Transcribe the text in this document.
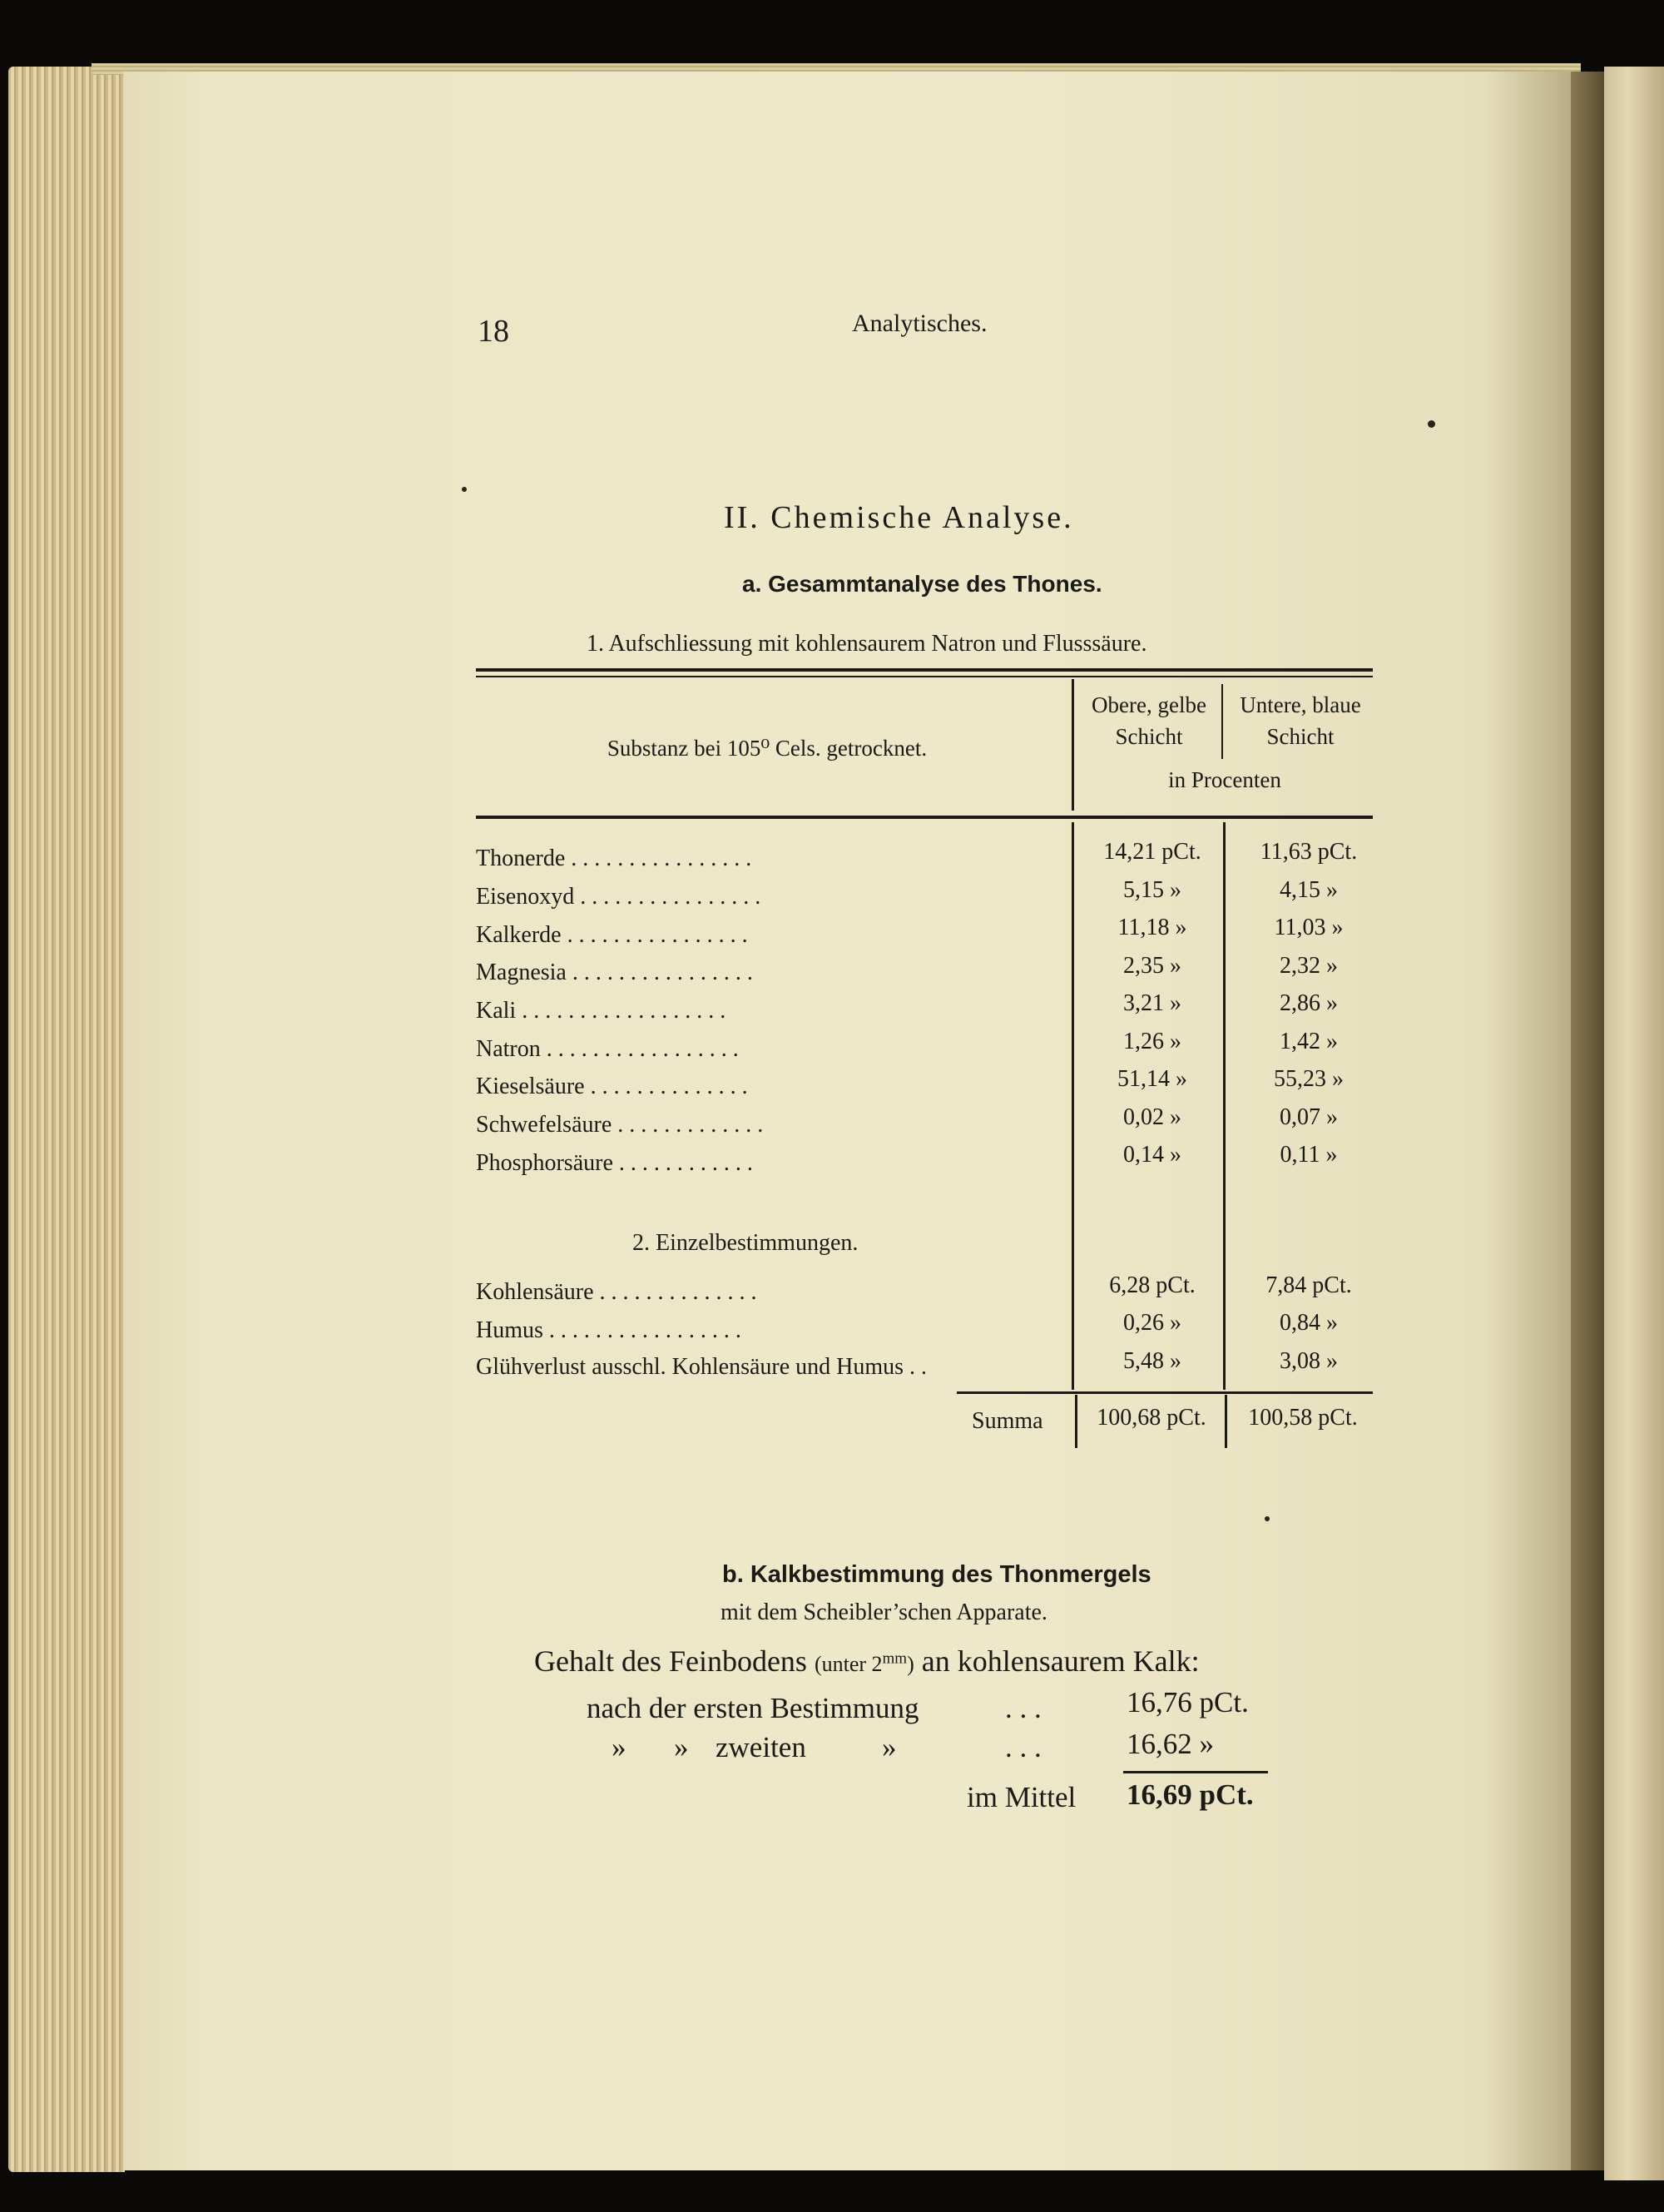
18	Analytisches.
II. Chemische Analyse.
a. Gesammtanalyse des Thones.
1. Aufschliessung mit kohlensaurem Natron und Flusssäure.
Substanz bei 105⁰ Cels. getrocknet.
Obere, gelbe
Schicht
Untere, blaue
Schicht
in Procenten
Thonerde . . . . . . . . . . . . . . . .	14,21 pCt.	11,63 pCt.
Eisenoxyd . . . . . . . . . . . . . . . .	5,15 »	4,15 »
Kalkerde . . . . . . . . . . . . . . . .	11,18 »	11,03 »
Magnesia . . . . . . . . . . . . . . . .	2,35 »	2,32 »
Kali . . . . . . . . . . . . . . . . . .	3,21 »	2,86 »
Natron . . . . . . . . . . . . . . . . .	1,26 »	1,42 »
Kieselsäure . . . . . . . . . . . . . .	51,14 »	55,23 »
Schwefelsäure . . . . . . . . . . . . .	0,02 »	0,07 »
Phosphorsäure . . . . . . . . . . . .	0,14 »	0,11 »
2. Einzelbestimmungen.
Kohlensäure . . . . . . . . . . . . . .	6,28 pCt.	7,84 pCt.
Humus . . . . . . . . . . . . . . . . .	0,26 »	0,84 »
Glühverlust ausschl. Kohlensäure und Humus . .	5,48 »	3,08 »
Summa	100,68 pCt.	100,58 pCt.
b. Kalkbestimmung des Thonmergels
mit dem Scheibler’schen Apparate.
Gehalt des Feinbodens (unter $2^{mm}$) an kohlensaurem Kalk:
nach der ersten Bestimmung	. . .	16,76 pCt.
» » zweiten	»	. . .	16,62 »
im Mittel 16,69 pCt.
